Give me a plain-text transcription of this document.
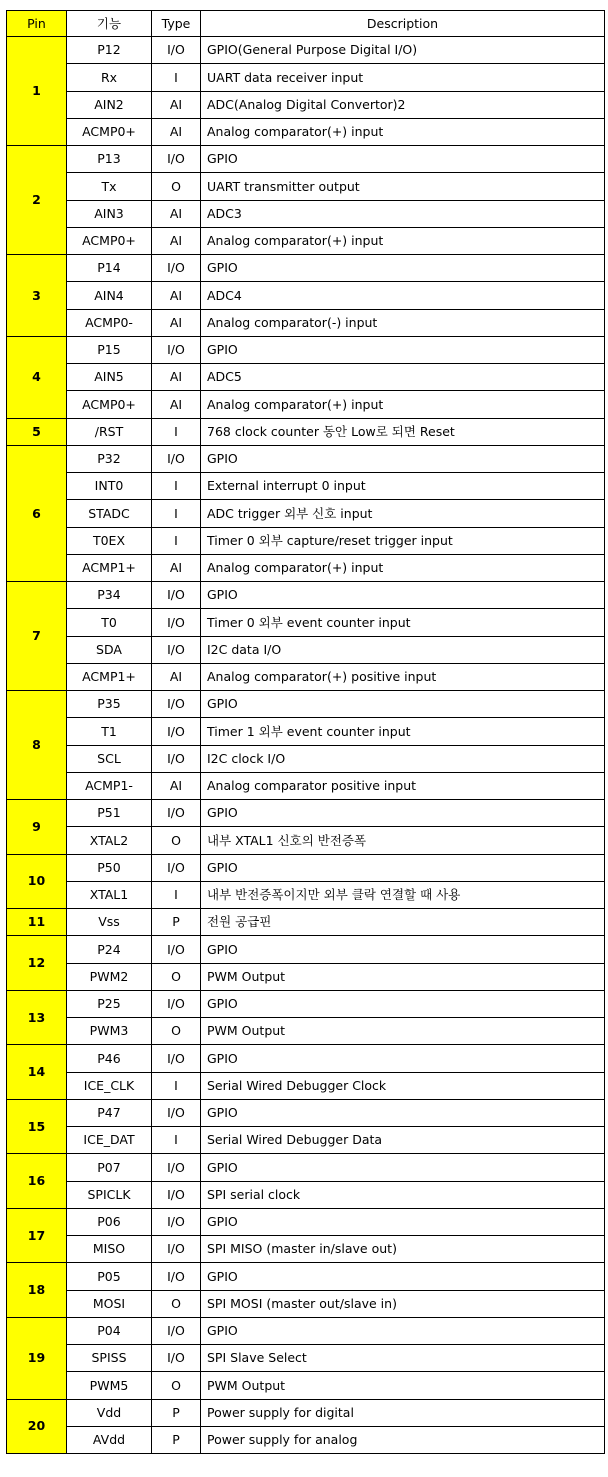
Pin	기능	Type	Description
1	P12	I/O	GPIO(General Purpose Digital I/O)
	Rx	I	UART data receiver input
	AIN2	AI	ADC(Analog Digital Convertor)2
	ACMP0+	AI	Analog comparator(+) input
2	P13	I/O	GPIO
	Tx	O	UART transmitter output
	AIN3	AI	ADC3
	ACMP0+	AI	Analog comparator(+) input
3	P14	I/O	GPIO
	AIN4	AI	ADC4
	ACMP0-	AI	Analog comparator(-) input
4	P15	I/O	GPIO
	AIN5	AI	ADC5
	ACMP0+	AI	Analog comparator(+) input
5	/RST	I	768 clock counter 동안 Low로 되면 Reset
6	P32	I/O	GPIO
	INT0	I	External interrupt 0 input
	STADC	I	ADC trigger 외부 신호 input
	T0EX	I	Timer 0 외부 capture/reset trigger input
	ACMP1+	AI	Analog comparator(+) input
7	P34	I/O	GPIO
	T0	I/O	Timer 0 외부 event counter input
	SDA	I/O	I2C data I/O
	ACMP1+	AI	Analog comparator(+) positive input
8	P35	I/O	GPIO
	T1	I/O	Timer 1 외부 event counter input
	SCL	I/O	I2C clock I/O
	ACMP1-	AI	Analog comparator positive input
9	P51	I/O	GPIO
	XTAL2	O	내부 XTAL1 신호의 반전증폭
10	P50	I/O	GPIO
	XTAL1	I	내부 반전증폭이지만 외부 클락 연결할 때 사용
11	Vss	P	전원 공급핀
12	P24	I/O	GPIO
	PWM2	O	PWM Output
13	P25	I/O	GPIO
	PWM3	O	PWM Output
14	P46	I/O	GPIO
	ICE_CLK	I	Serial Wired Debugger Clock
15	P47	I/O	GPIO
	ICE_DAT	I	Serial Wired Debugger Data
16	P07	I/O	GPIO
	SPICLK	I/O	SPI serial clock
17	P06	I/O	GPIO
	MISO	I/O	SPI MISO (master in/slave out)
18	P05	I/O	GPIO
	MOSI	O	SPI MOSI (master out/slave in)
19	P04	I/O	GPIO
	SPISS	I/O	SPI Slave Select
	PWM5	O	PWM Output
20	Vdd	P	Power supply for digital
	AVdd	P	Power supply for analog
